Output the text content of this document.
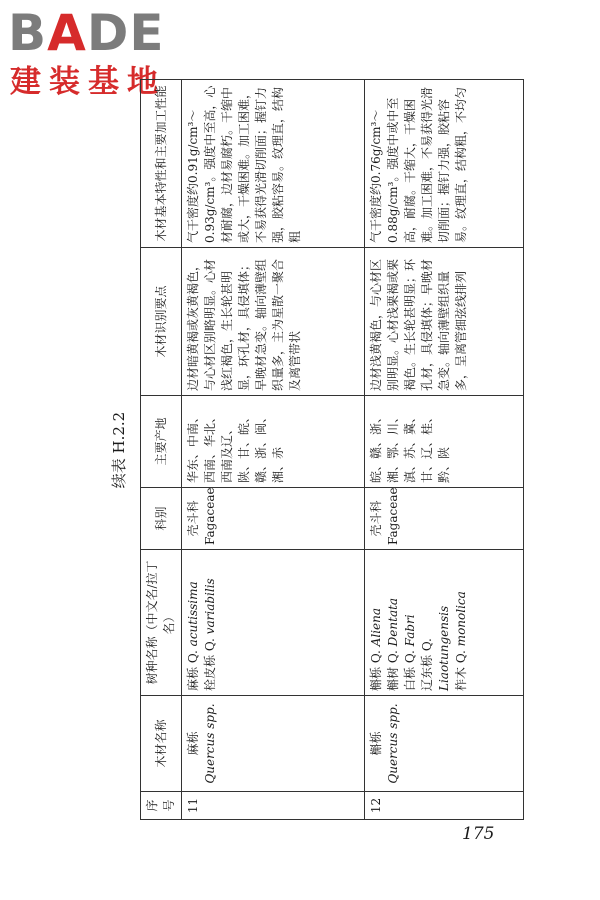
BADE
建装基地
续表 H.2.2
序号	木材名称	树种名称（中文名/拉丁名）	科别	主要产地	木材识别要点	木材基本特性和主要加工性能
11	麻栎 Quercus spp.	麻栎 Q. acutissima
栓皮栎 Q. variabilis	壳斗科 Fagaceae	华东、中南、西南、华北、西南及辽、陕、甘、皖、赣、浙、闽、湘、赤	边材暗黄褐或灰黄褐色，与心材区别略明显。心材浅红褐色，生长轮甚明显，环孔材，具侵填体；早晚材急变。轴向薄壁组织量多，主为星散一聚合及离管带状	气干密度约0.91g/cm³～0.93g/cm³。强度中至高，心材耐腐，边材易腐朽。干缩中或大，干燥困难。加工困难，不易获得光滑切削面；握钉力强，胶粘容易。纹理直，结构粗
12	槲栎 Quercus spp.	槲栎 Q. Aliena
槲树 Q. Dentata
白栎 Q. Fabri
辽东栎 Q. Liaotungensis 柞木 Q. monolica	壳斗科 Fagaceae	皖、赣、浙、湘、鄂、川、滇、苏、冀、甘、辽、桂、黔、陕	边材浅黄褐色，与心材区别明显。心材浅栗褐或栗褐色。生长轮甚明显；环孔材，具侵填体；早晚材急变。轴向薄壁组织量多，呈离管细弦线排列	气干密度约0.76g/cm³～0.88g/cm³。强度中或中至高，耐腐。干缩大，干燥困难。加工困难，不易获得光滑切削面；握钉力强，胶粘容易。纹理直，结构粗，不均匀
175
